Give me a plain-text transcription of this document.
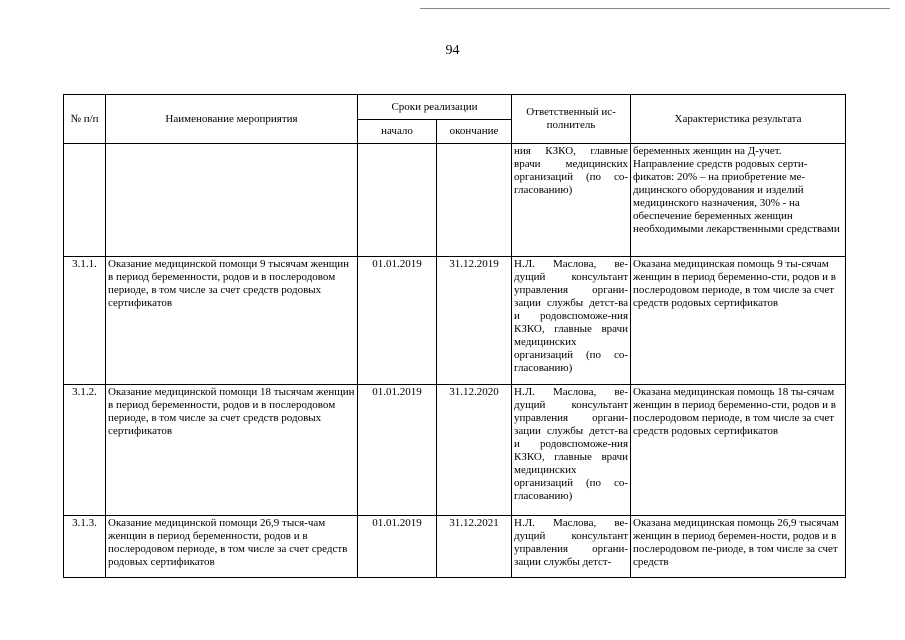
94
№ п/п	Наименование мероприятия	Сроки реализации		Ответственный ис-полнитель	Характеристика результата
		начало	окончание		
				ния КЗКО, главные врачи медицинских организаций (по со-гласованию)	беременных женщин на Д-учет. Направление средств родовых серти-фикатов: 20% – на приобретение ме-дицинского оборудования и изделий медицинского назначения, 30% - на обеспечение беременных женщин необходимыми лекарственными средствами
3.1.1.	Оказание медицинской помощи 9 тысячам женщин в период беременности, родов и в послеродовом периоде, в том числе за счет средств родовых сертификатов	01.01.2019	31.12.2019	Н.Л. Маслова, ве-дущий консультант управления органи-зации службы детст-ва и родовспоможе-ния КЗКО, главные врачи медицинских организаций (по со-гласованию)	Оказана медицинская помощь 9 ты-сячам женщин в период беременно-сти, родов и в послеродовом периоде, в том числе за счет средств родовых сертификатов
3.1.2.	Оказание медицинской помощи 18 тысячам женщин в период беременности, родов и в послеродовом периоде, в том числе за счет средств родовых сертификатов	01.01.2019	31.12.2020	Н.Л. Маслова, ве-дущий консультант управления органи-зации службы детст-ва и родовспоможе-ния КЗКО, главные врачи медицинских организаций (по со-гласованию)	Оказана медицинская помощь 18 ты-сячам женщин в период беременно-сти, родов и в послеродовом периоде, в том числе за счет средств родовых сертификатов
3.1.3.	Оказание медицинской помощи 26,9 тыся-чам женщин в период беременности, родов и в послеродовом периоде, в том числе за счет средств родовых сертификатов	01.01.2019	31.12.2021	Н.Л. Маслова, ве-дущий консультант управления органи-зации службы детст-	Оказана медицинская помощь 26,9 тысячам женщин в период беремен-ности, родов и в послеродовом пе-риоде, в том числе за счет средств
